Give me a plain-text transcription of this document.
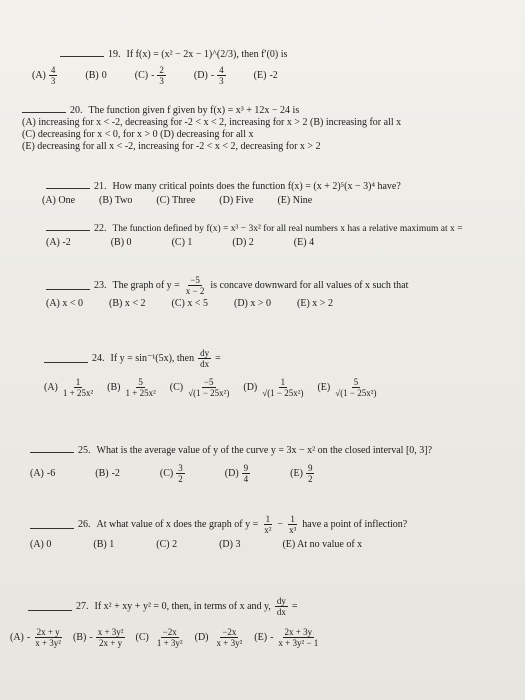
19. If f(x) = (x² − 2x − 1)^(2/3), then f′(0) is
$(A) \frac{4}{3}$	(B) 0	$(C) - \frac{2}{3}$	$(D) - \frac{4}{3}$	(E) -2
20. The function given f given by f(x) = x³ + 12x − 24 is
(A) increasing for x < -2, decreasing for -2 < x < 2, increasing for x > 2 (B) increasing for all x
(C) decreasing for x < 0, for x > 0 (D) decreasing for all x
(E) decreasing for all x < -2, increasing for -2 < x < 2, decreasing for x > 2
21. How many critical points does the function f(x) = (x + 2)⁵(x − 3)⁴ have?
(A) One (B) Two (C) Three (D) Five (E) Nine
22. The function defined by f(x) = x³ − 3x² for all real numbers x has a relative maximum at x =
(A) -2	(B) 0	(C) 1	(D) 2	(E) 4
23. The graph of $y = \frac{-5}{x - 2}$ is concave downward for all values of x such that
(A) x < 0	(B) x < 2	(C) x < 5	(D) x > 0	(E) x > 2
24. If y = sin⁻¹(5x), then $\frac{dy}{dx}$ =
$(A) \frac{1}{\text{1 + 25x²}} (B) \frac{5}{\text{1 + 25x²}} (C) \frac{-5}{\text{√(1 − 25x²)}} (D) \frac{1}{\text{√(1 − 25x²)}} (E) \frac{5}{\text{√(1 − 25x²)}}$
25. What is the average value of y of the curve y = 3x − x² on the closed interval [0, 3]?
(A) -6	(B) -2	$(C) \frac{3}{2}$	$(D) \frac{9}{4}$	$(E) \frac{9}{2}$
26. At what value of x does the graph of $y = \frac{1}{\text{x²}} - \frac{1}{\text{x³}}$ have a point of inflection?
(A) 0	(B) 1	(C) 2	(D) 3	(E) At no value of x
27. If x² + xy + y² = 0, then, in terms of x and y, $\frac{dy}{dx}$ =
$(A) - \frac{2x + y}{\text{x + 3y²}} (B) - \frac{\text{x + 3y²}}{2x + y} (C) \frac{-2x}{\text{1 + 3y²}} (D) \frac{-2x}{\text{x + 3y²}} (E) - \frac{2x + 3y}{\text{x + 3y² − 1}}$
